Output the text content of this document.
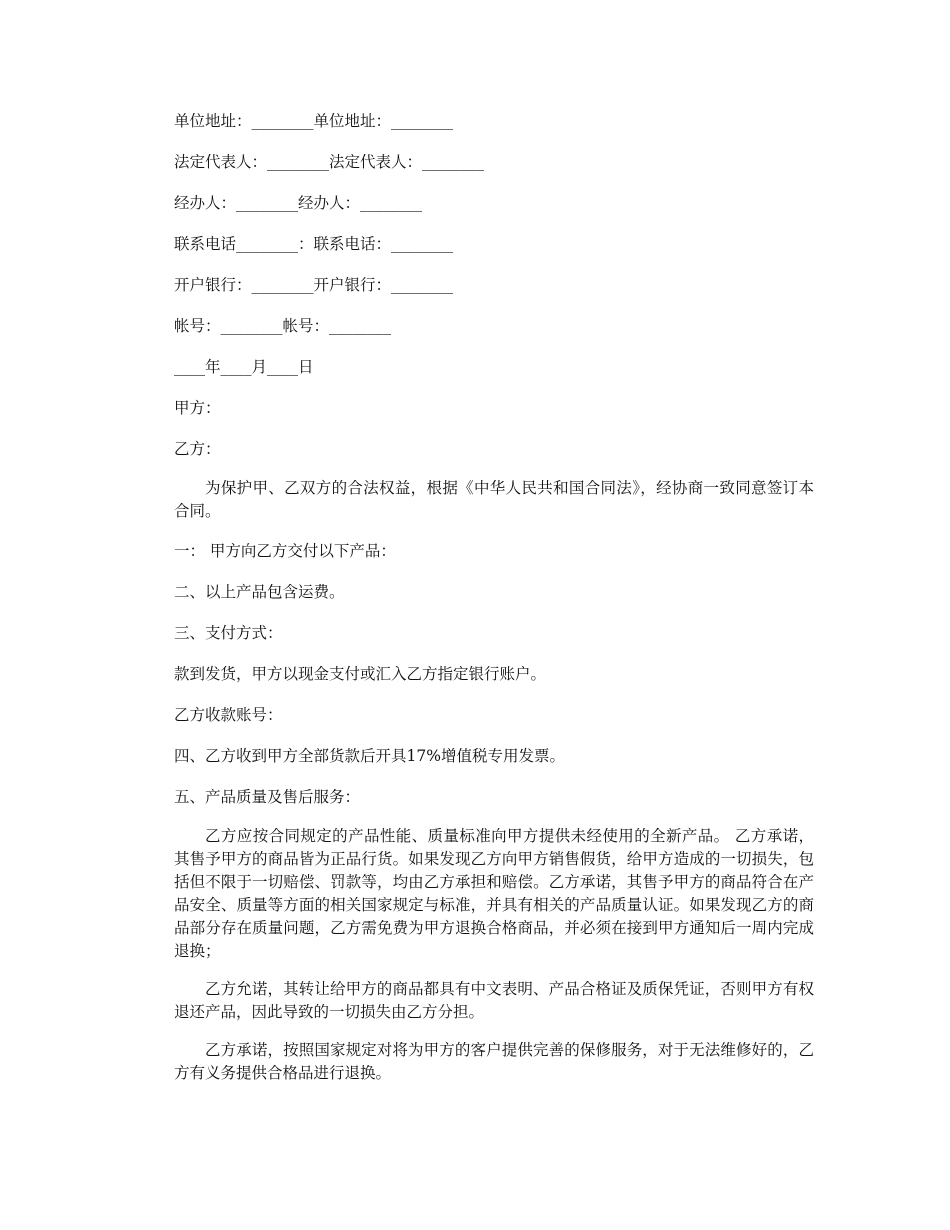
单位地址：________单位地址：________

法定代表人：________法定代表人：________

经办人：________经办人：________

联系电话________：联系电话：________

开户银行：________开户银行：________

帐号：________帐号：________

____年____月____日

甲方：

乙方：

为保护甲、乙双方的合法权益，根据《中华人民共和国合同法》，经协商一致同意签订本合同。

一： 甲方向乙方交付以下产品：

二、以上产品包含运费。

三、支付方式：

款到发货，甲方以现金支付或汇入乙方指定银行账户。

乙方收款账号：

四、乙方收到甲方全部货款后开具17%增值税专用发票。

五、产品质量及售后服务：

乙方应按合同规定的产品性能、质量标准向甲方提供未经使用的全新产品。 乙方承诺，其售予甲方的商品皆为正品行货。如果发现乙方向甲方销售假货，给甲方造成的一切损失，包括但不限于一切赔偿、罚款等，均由乙方承担和赔偿。乙方承诺，其售予甲方的商品符合在产品安全、质量等方面的相关国家规定与标准，并具有相关的产品质量认证。如果发现乙方的商品部分存在质量问题，乙方需免费为甲方退换合格商品，并必须在接到甲方通知后一周内完成退换；

乙方允诺，其转让给甲方的商品都具有中文表明、产品合格证及质保凭证，否则甲方有权退还产品，因此导致的一切损失由乙方分担。

乙方承诺，按照国家规定对将为甲方的客户提供完善的保修服务，对于无法维修好的，乙方有义务提供合格品进行退换。
